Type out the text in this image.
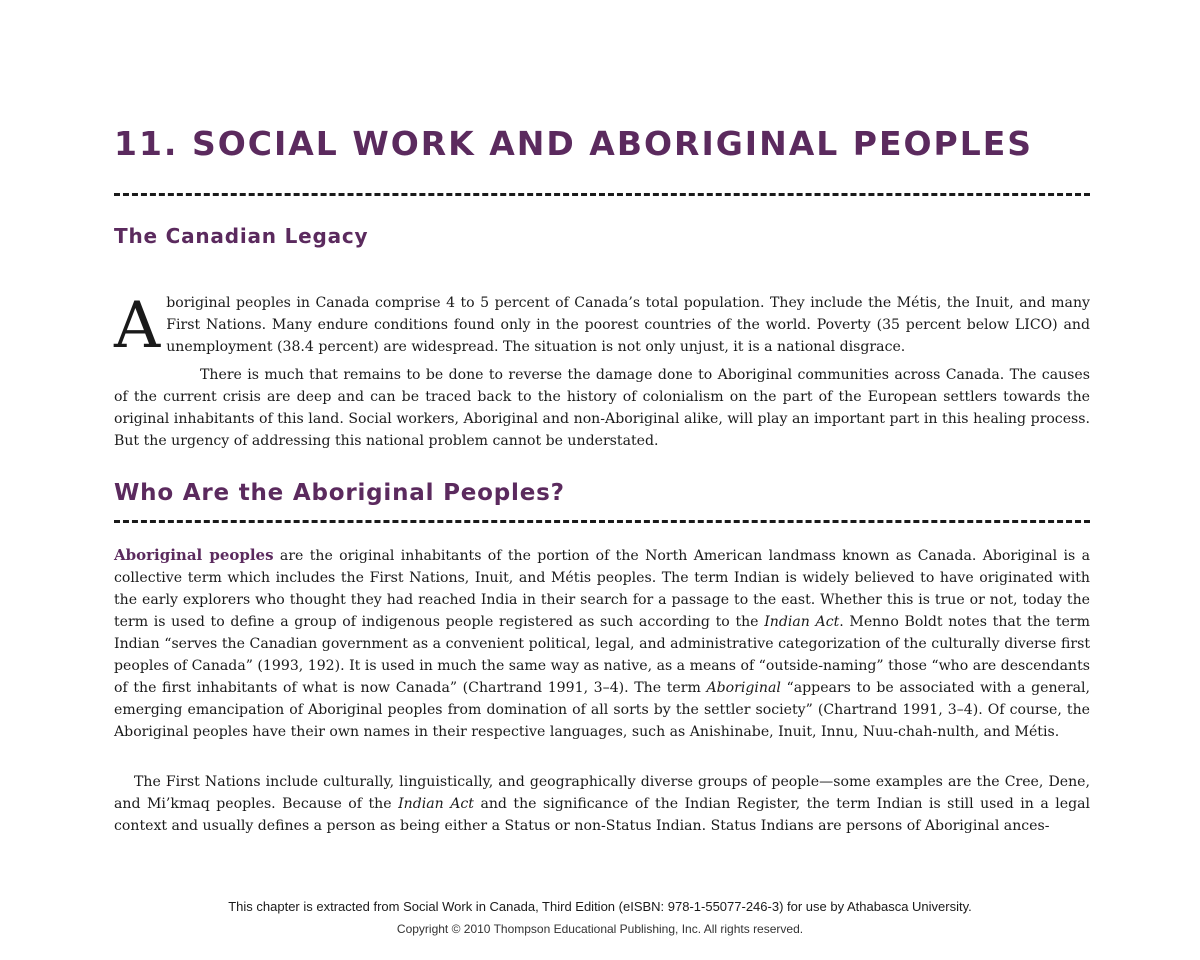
11. SOCIAL WORK AND ABORIGINAL PEOPLES
The Canadian Legacy
A boriginal peoples in Canada comprise 4 to 5 percent of Canada’s total population. They include the Métis, the Inuit, and many First Nations. Many endure conditions found only in the poorest countries of the world. Poverty (35 percent below LICO) and unemployment (38.4 percent) are widespread. The situation is not only unjust, it is a national disgrace.

There is much that remains to be done to reverse the damage done to Aboriginal communities across Canada. The causes of the current crisis are deep and can be traced back to the history of colonialism on the part of the European settlers towards the original inhabitants of this land. Social workers, Aboriginal and non-Aboriginal alike, will play an important part in this healing process. But the urgency of addressing this national problem cannot be understated.

Who Are the Aboriginal Peoples?

Aboriginal peoples are the original inhabitants of the portion of the North American landmass known as Canada. Aboriginal is a collective term which includes the First Nations, Inuit, and Métis peoples. The term Indian is widely believed to have originated with the early explorers who thought they had reached India in their search for a passage to the east. Whether this is true or not, today the term is used to define a group of indigenous people registered as such according to the Indian Act. Menno Boldt notes that the term Indian “serves the Canadian government as a convenient political, legal, and administrative categorization of the culturally diverse first peoples of Canada” (1993, 192). It is used in much the same way as native, as a means of “outside-naming” those “who are descendants of the first inhabitants of what is now Canada” (Chartrand 1991, 3–4). The term Aboriginal “appears to be associated with a general, emerging emancipation of Aboriginal peoples from domination of all sorts by the settler society” (Chartrand 1991, 3–4). Of course, the Aboriginal peoples have their own names in their respective languages, such as Anishinabe, Inuit, Innu, Nuu-chah-nulth, and Métis.

The First Nations include culturally, linguistically, and geographically diverse groups of people—some examples are the Cree, Dene, and Mi’kmaq peoples. Because of the Indian Act and the significance of the Indian Register, the term Indian is still used in a legal context and usually defines a person as being either a Status or non-Status Indian. Status Indians are persons of Aboriginal ances-

This chapter is extracted from Social Work in Canada, Third Edition (eISBN: 978-1-55077-246-3) for use by Athabasca University.
Copyright © 2010 Thompson Educational Publishing, Inc. All rights reserved.
